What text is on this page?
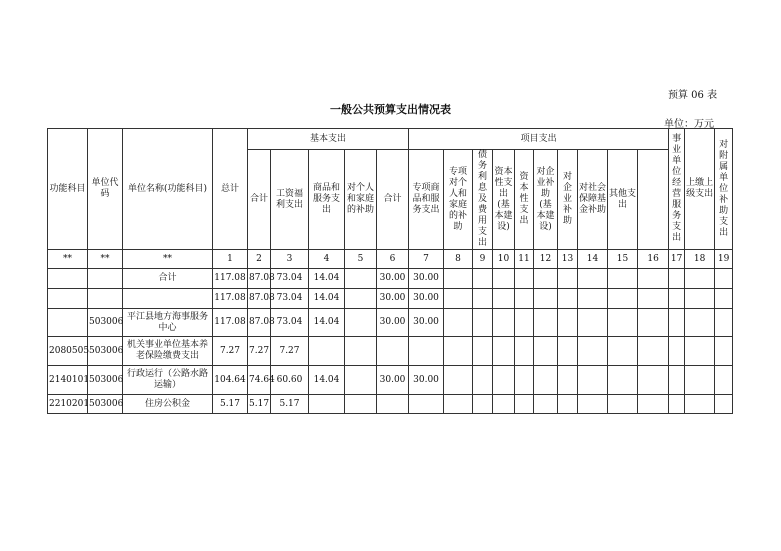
预算 06 表
一般公共预算支出情况表
单位：万元
功能科目	单位代码	单位名称(功能科目)	总计	基本支出					项目支出										事业单位经营服务支出	上缴上级支出	对附属单位补助支出	
				合计	工资福利支出	商品和服务支出	对个人和家庭的补助	合计	专项商品和服务支出	专项对个人和家庭的补助	债务利息及费用支出	资本性支出(基本建设)	资本性支出	对企业补助(基本建设)	对企业补助	对社会保障基金补助	其他支出					
**	**	**	1	2	3	4	5	6	7	8	9	10	11	12	13	14	15	16	17	18	19	
		合计	117.08	87.08	73.04	14.04		30.00	30.00													
			117.08	87.08	73.04	14.04		30.00	30.00													
	503006	平江县地方海事服务中心	117.08	87.08	73.04	14.04		30.00	30.00													
2080505	503006	机关事业单位基本养老保险缴费支出	7.27	7.27	7.27																	
2140101	503006	行政运行（公路水路运输）	104.64	74.64	60.60	14.04		30.00	30.00													
2210201	503006	住房公积金	5.17	5.17	5.17																	
